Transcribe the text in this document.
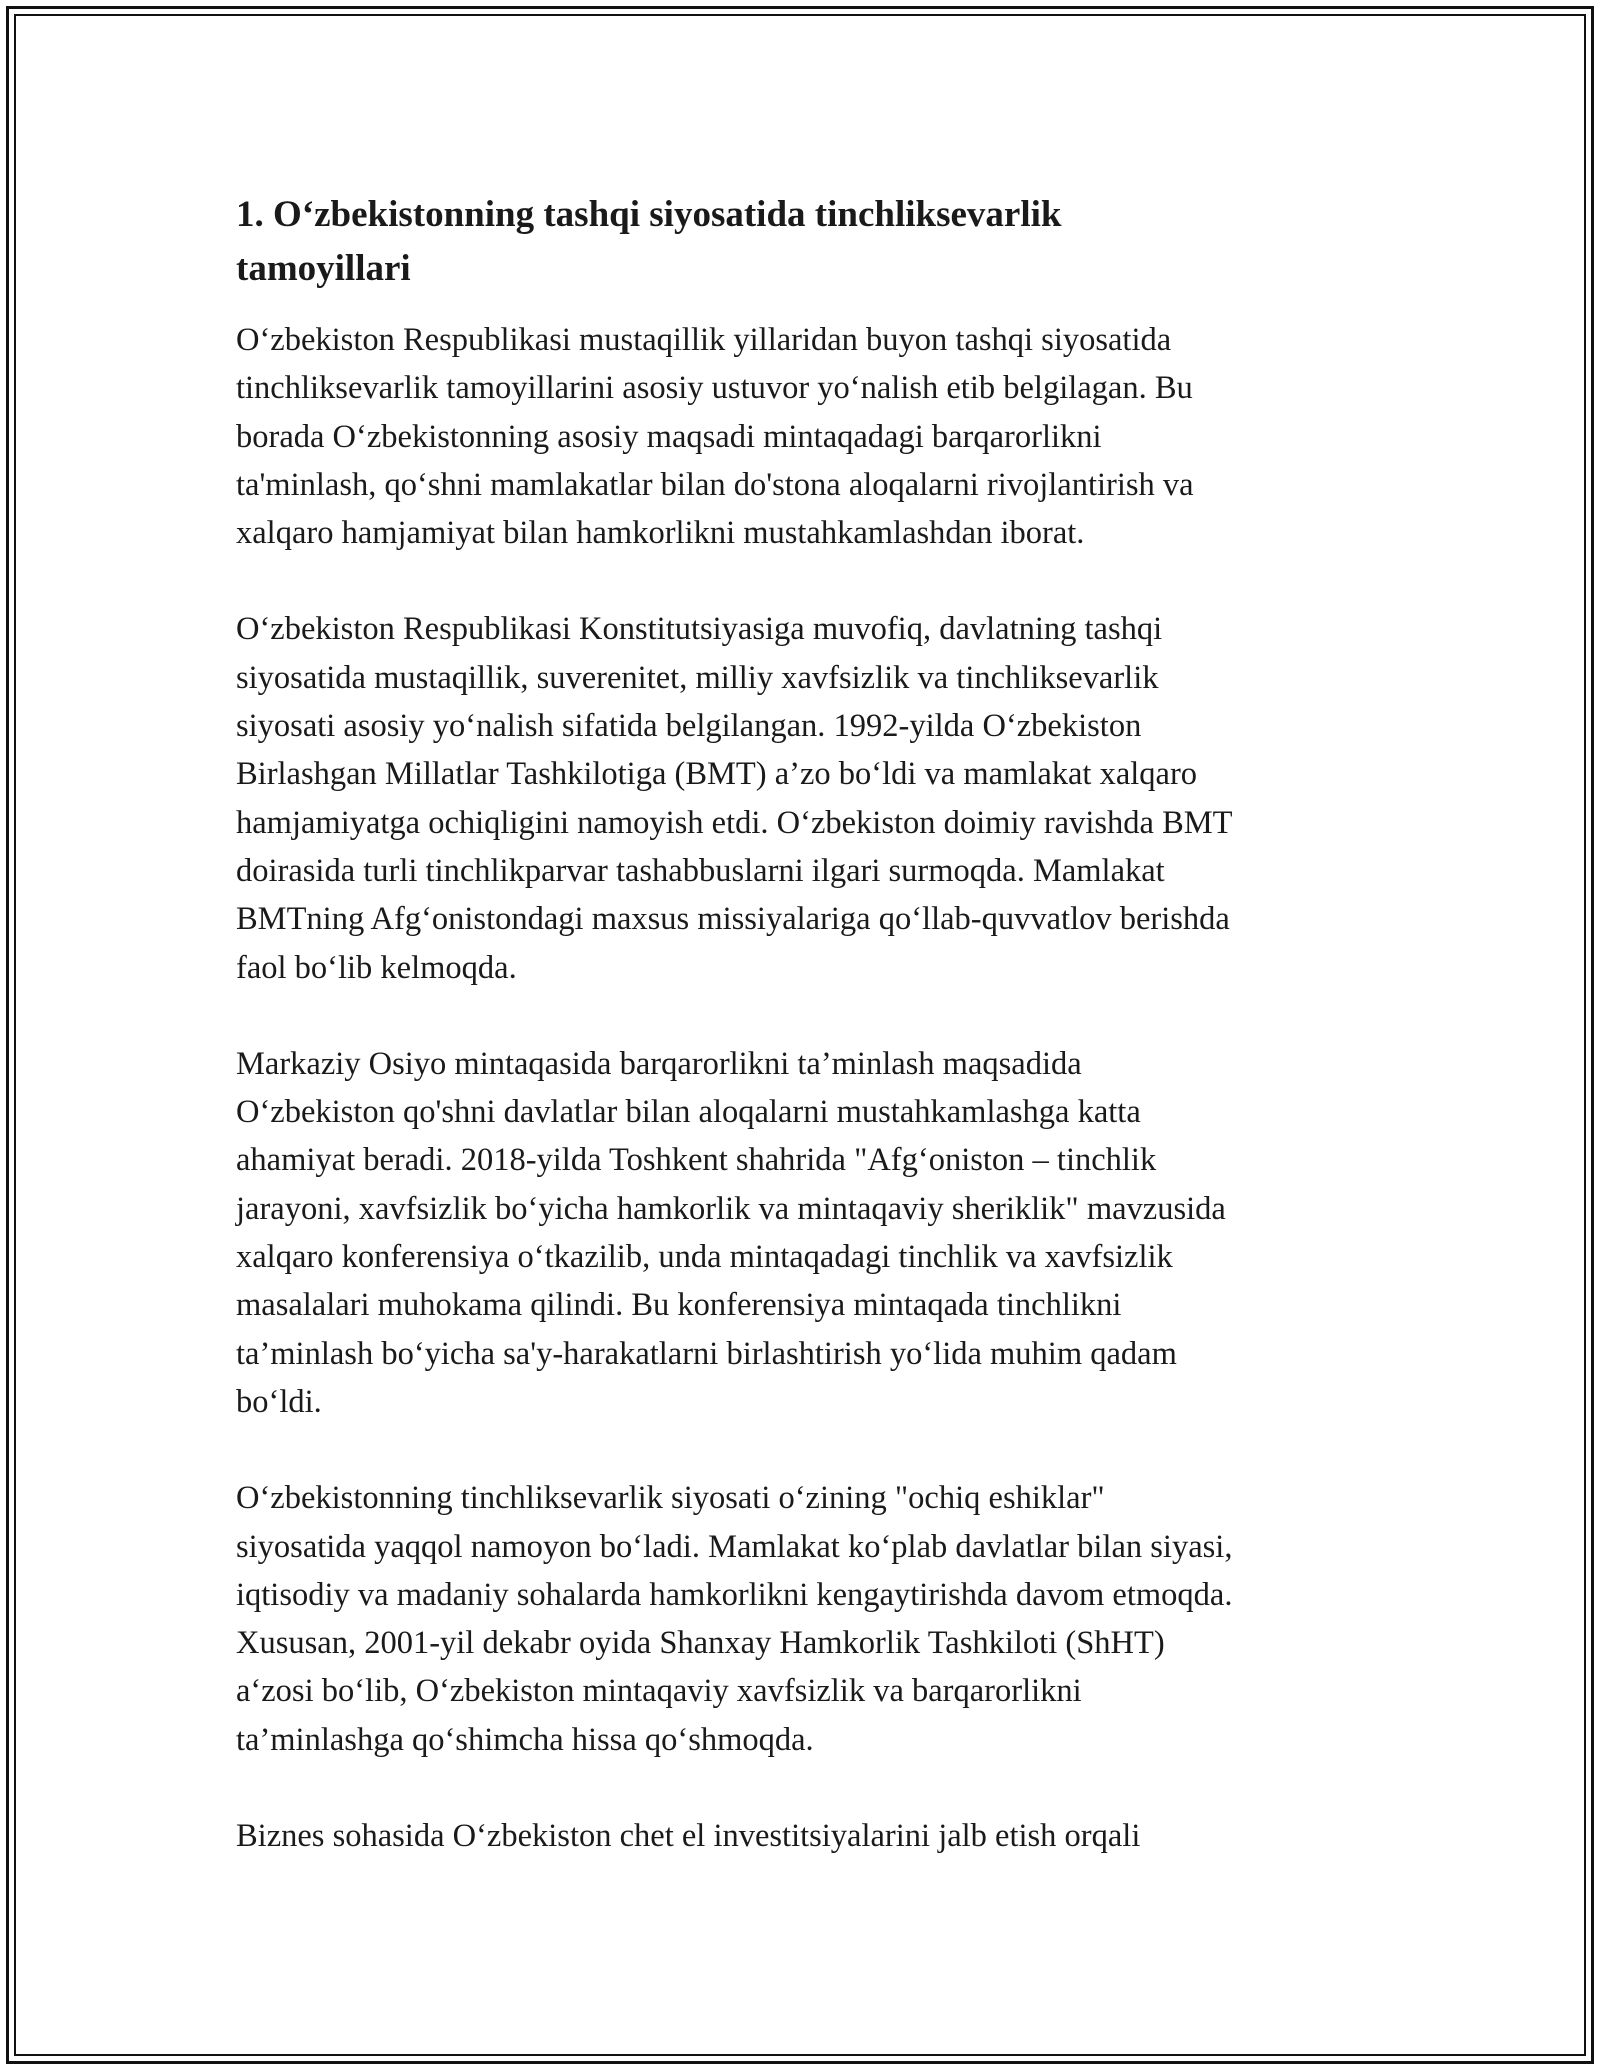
1. O‘zbekistonning tashqi siyosatida tinchliksevarlik
tamoyillari

O‘zbekiston Respublikasi mustaqillik yillaridan buyon tashqi siyosatida
tinchliksevarlik tamoyillarini asosiy ustuvor yo‘nalish etib belgilagan. Bu
borada O‘zbekistonning asosiy maqsadi mintaqadagi barqarorlikni
ta'minlash, qo‘shni mamlakatlar bilan do'stona aloqalarni rivojlantirish va
xalqaro hamjamiyat bilan hamkorlikni mustahkamlashdan iborat.

O‘zbekiston Respublikasi Konstitutsiyasiga muvofiq, davlatning tashqi
siyosatida mustaqillik, suverenitet, milliy xavfsizlik va tinchliksevarlik
siyosati asosiy yo‘nalish sifatida belgilangan. 1992-yilda O‘zbekiston
Birlashgan Millatlar Tashkilotiga (BMT) a’zo bo‘ldi va mamlakat xalqaro
hamjamiyatga ochiqligini namoyish etdi. O‘zbekiston doimiy ravishda BMT
doirasida turli tinchlikparvar tashabbuslarni ilgari surmoqda. Mamlakat
BMTning Afg‘onistondagi maxsus missiyalariga qo‘llab-quvvatlov berishda
faol bo‘lib kelmoqda.

Markaziy Osiyo mintaqasida barqarorlikni ta’minlash maqsadida
O‘zbekiston qo'shni davlatlar bilan aloqalarni mustahkamlashga katta
ahamiyat beradi. 2018-yilda Toshkent shahrida "Afg‘oniston – tinchlik
jarayoni, xavfsizlik bo‘yicha hamkorlik va mintaqaviy sheriklik" mavzusida
xalqaro konferensiya o‘tkazilib, unda mintaqadagi tinchlik va xavfsizlik
masalalari muhokama qilindi. Bu konferensiya mintaqada tinchlikni
ta’minlash bo‘yicha sa'y-harakatlarni birlashtirish yo‘lida muhim qadam
bo‘ldi.

O‘zbekistonning tinchliksevarlik siyosati o‘zining "ochiq eshiklar"
siyosatida yaqqol namoyon bo‘ladi. Mamlakat ko‘plab davlatlar bilan siyasi,
iqtisodiy va madaniy sohalarda hamkorlikni kengaytirishda davom etmoqda.
Xususan, 2001-yil dekabr oyida Shanxay Hamkorlik Tashkiloti (ShHT)
a‘zosi bo‘lib, O‘zbekiston mintaqaviy xavfsizlik va barqarorlikni
ta’minlashga qo‘shimcha hissa qo‘shmoqda.

Biznes sohasida O‘zbekiston chet el investitsiyalarini jalb etish orqali
